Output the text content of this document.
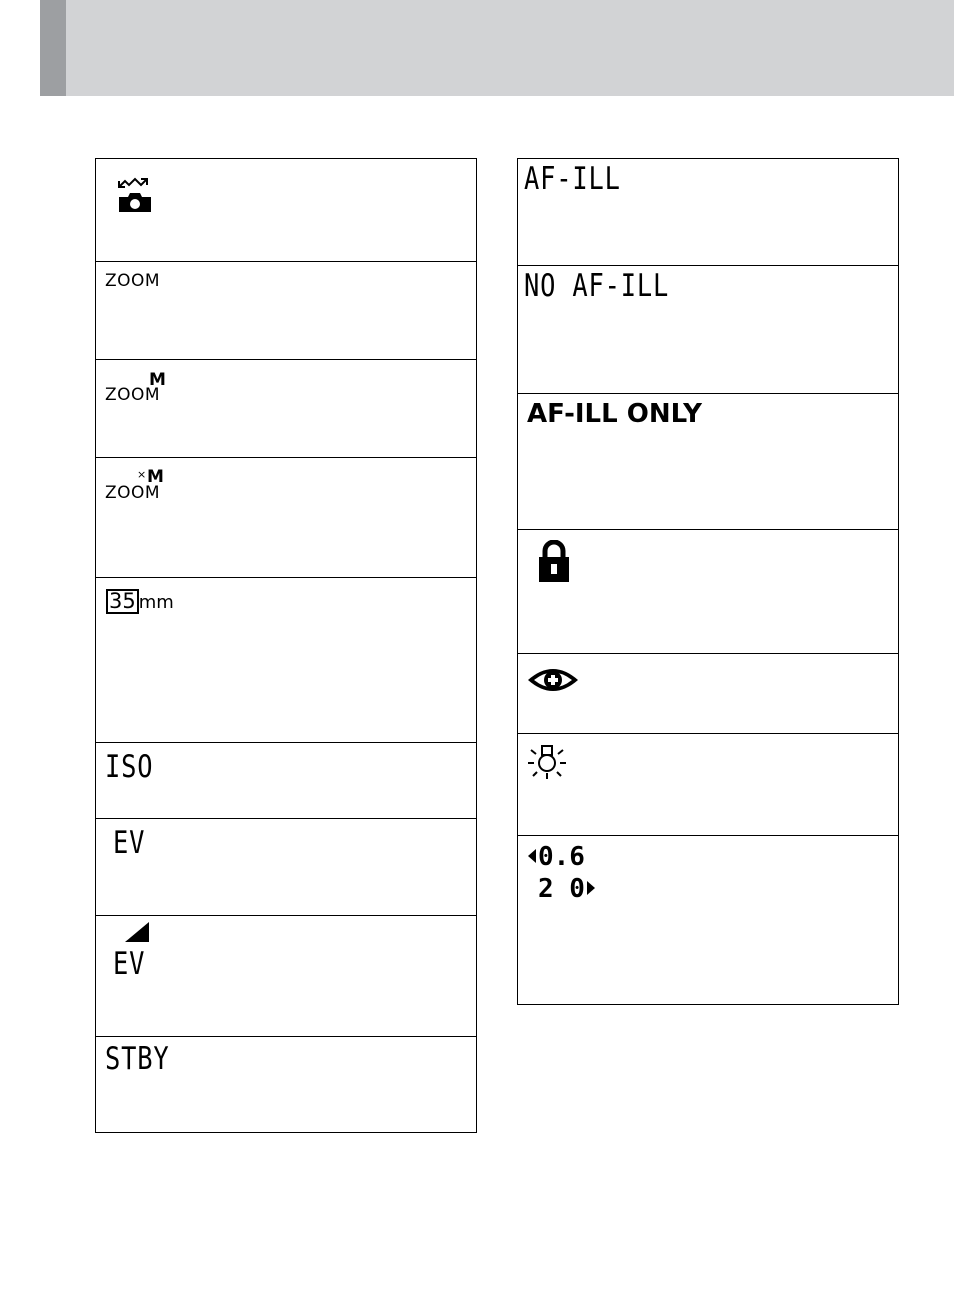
ZOOM
M
ZOOM
× M
ZOOM
35 mm
ISO
EV
EV
STBY
AF-ILL
NO AF-ILL
AF-ILL ONLY
0.6
2 0
